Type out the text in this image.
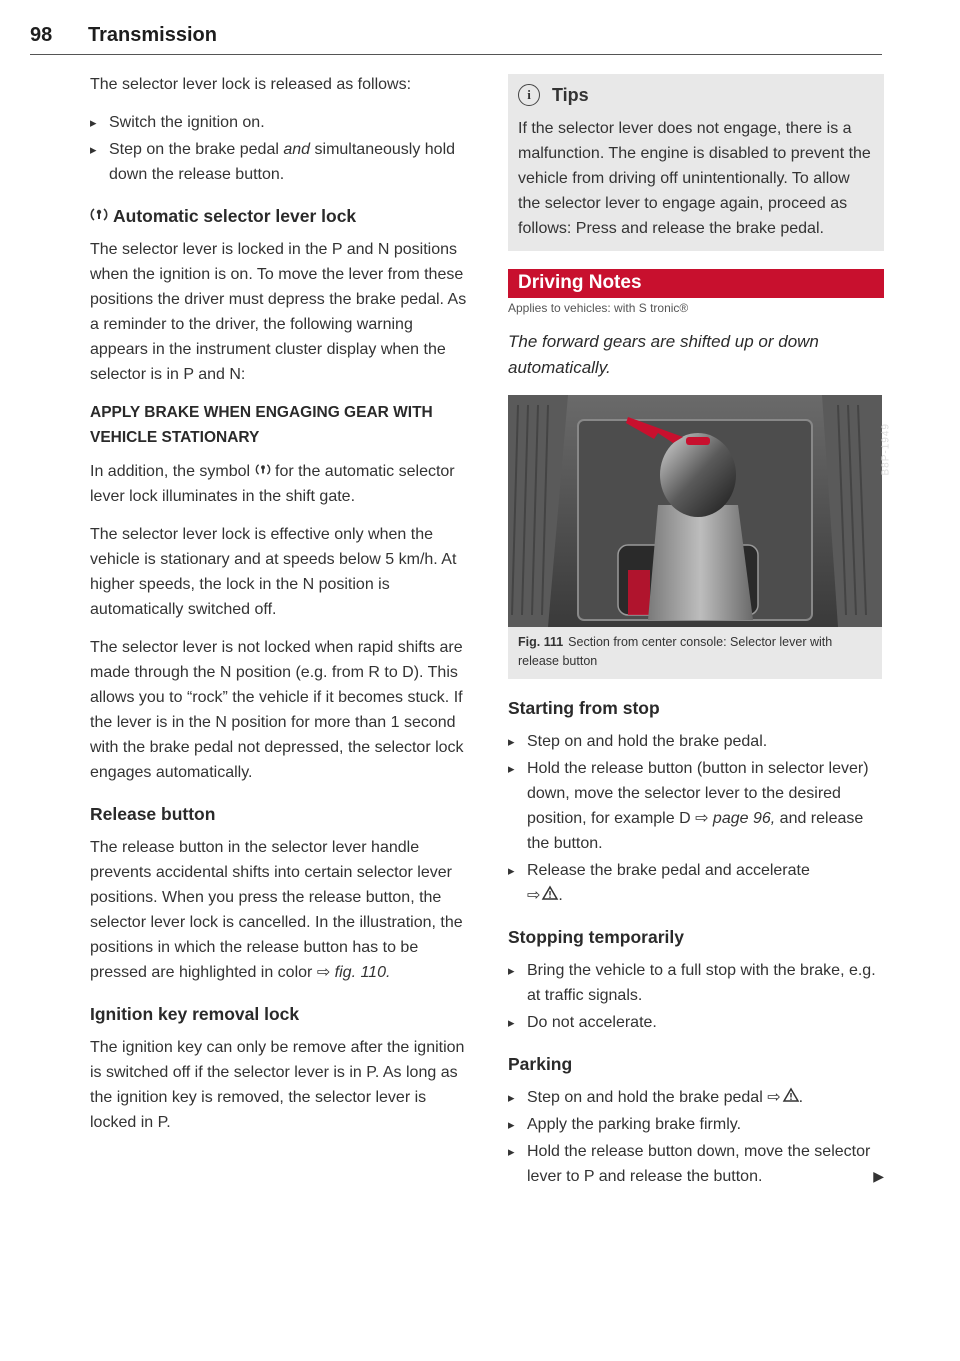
98 Transmission

The selector lever lock is released as follows:

▸ Switch the ignition on.
▸ Step on the brake pedal and simultaneously hold down the release button.
Automatic selector lever lock

The selector lever is locked in the P and N positions when the ignition is on. To move the lever from these positions the driver must depress the brake pedal. As a reminder to the driver, the following warning appears in the instrument cluster display when the selector is in P and N:

APPLY BRAKE WHEN ENGAGING GEAR WITH VEHICLE STATIONARY

In addition, the symbol  for the automatic selector lever lock illuminates in the shift gate.

The selector lever lock is effective only when the vehicle is stationary and at speeds below 5 km/h. At higher speeds, the lock in the N position is automatically switched off.

The selector lever is not locked when rapid shifts are made through the N position (e.g. from R to D). This allows you to “rock” the vehicle if it becomes stuck. If the lever is in the N position for more than 1 second with the brake pedal not depressed, the selector lock engages automatically.

Release button

The release button in the selector lever handle prevents accidental shifts into certain selector lever positions. When you press the release button, the selector lever lock is cancelled. In the illustration, the positions in which the release button has to be pressed are highlighted in color ⇨ fig. 110.

Ignition key removal lock

The ignition key can only be remove after the ignition is switched off if the selector lever is in P. As long as the ignition key is removed, the selector lever is locked in P.

i	Tips

If the selector lever does not engage, there is a malfunction. The engine is disabled to prevent the vehicle from driving off unintentionally. To allow the selector lever to engage again, proceed as follows: Press and release the brake pedal.

Driving Notes
Applies to vehicles: with S tronic®
The forward gears are shifted up or down automatically.
B8P-1949
Fig. 111 Section from center console: Selector lever with release button
Starting from stop
▸ Step on and hold the brake pedal.
▸ Hold the release button (button in selector lever) down, move the selector lever to the desired position, for example D ⇨ page 96, and release the button.
▸ Release the brake pedal and accelerate
⇨ .
Stopping temporarily
▸ Bring the vehicle to a full stop with the brake, e.g. at traffic signals.
▸ Do not accelerate.
Parking
▸ Step on and hold the brake pedal ⇨ .
▸ Apply the parking brake firmly.
▸ Hold the release button down, move the selector lever to P and release the button.	▶
